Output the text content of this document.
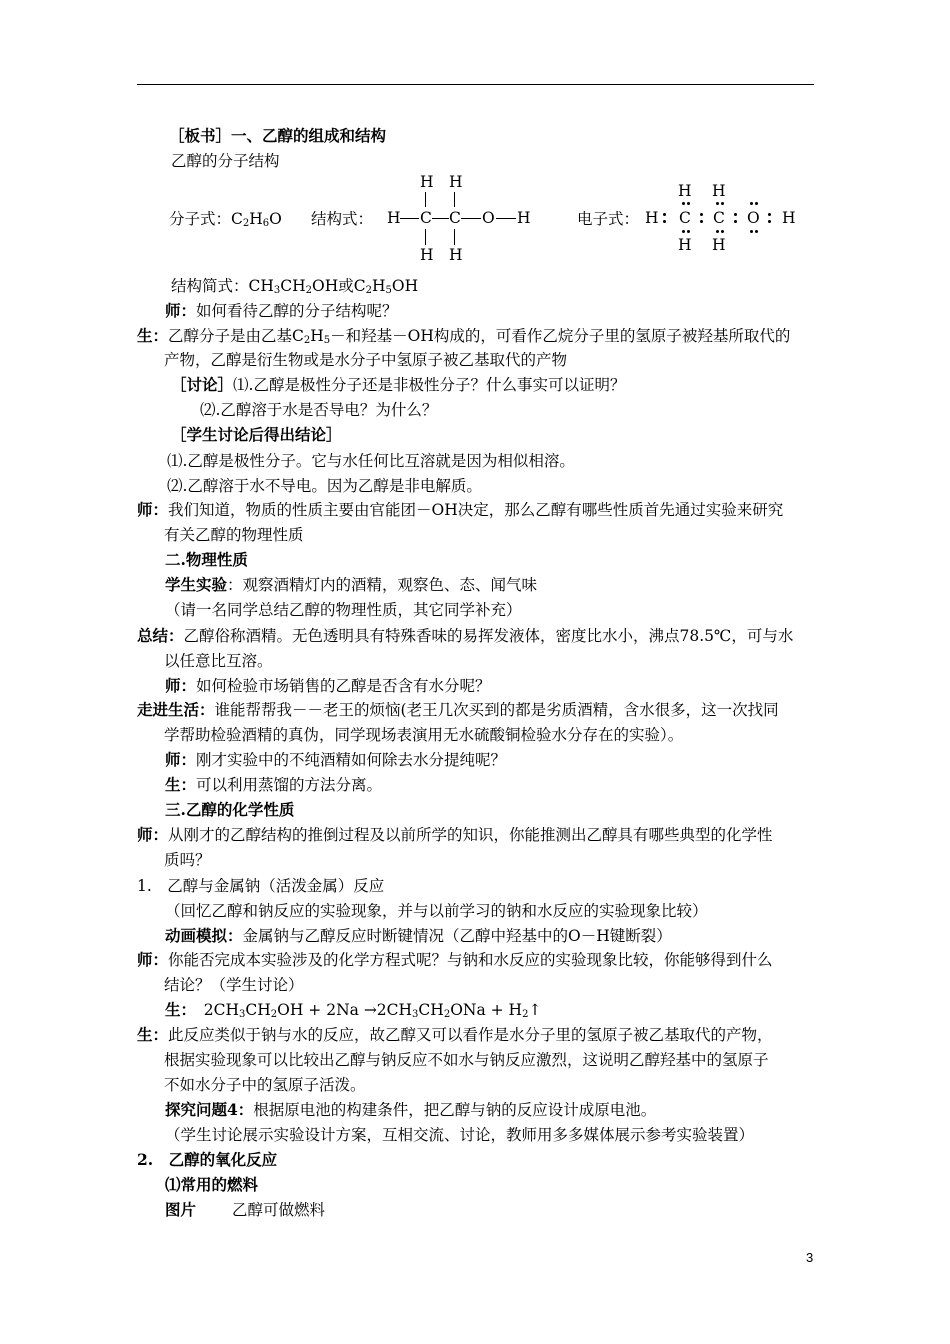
［板书］一、乙醇的组成和结构
乙醇的分子结构
结构简式：$CH_3CH_2OH$或$C_2H_5OH$
师：如何看待乙醇的分子结构呢？
生：乙醇分子是由乙基$C_2H_5-$和羟基－OH构成的，可看作乙烷分子里的氢原子被羟基所取代的
产物，乙醇是衍生物或是水分子中氢原子被乙基取代的产物
［讨论］⑴.乙醇是极性分子还是非极性分子？什么事实可以证明？
⑵.乙醇溶于水是否导电？为什么？
［学生讨论后得出结论］
⑴.乙醇是极性分子。它与水任何比互溶就是因为相似相溶。
⑵.乙醇溶于水不导电。因为乙醇是非电解质。
师：我们知道，物质的性质主要由官能团－OH决定，那么乙醇有哪些性质首先通过实验来研究
有关乙醇的物理性质
二.物理性质
学生实验：观察酒精灯内的酒精，观察色、态、闻气味
（请一名同学总结乙醇的物理性质，其它同学补充）
总结：乙醇俗称酒精。无色透明具有特殊香味的易挥发液体，密度比水小，沸点78.5℃，可与水
以任意比互溶。
师：如何检验市场销售的乙醇是否含有水分呢？
走进生活：谁能帮帮我－－老王的烦恼(老王几次买到的都是劣质酒精，含水很多，这一次找同
学帮助检验酒精的真伪，同学现场表演用无水硫酸铜检验水分存在的实验）。
师：刚才实验中的不纯酒精如何除去水分提纯呢？
生：可以利用蒸馏的方法分离。
三.乙醇的化学性质
师：从刚才的乙醇结构的推倒过程及以前所学的知识，你能推测出乙醇具有哪些典型的化学性
质吗？
1.　乙醇与金属钠（活泼金属）反应
（回忆乙醇和钠反应的实验现象，并与以前学习的钠和水反应的实验现象比较）
动画模拟：金属钠与乙醇反应时断键情况（乙醇中羟基中的O－H键断裂）
师：你能否完成本实验涉及的化学方程式呢？与钠和水反应的实验现象比较，你能够得到什么
结论？（学生讨论）
生：　$2CH_3CH_2OH + 2Na \to 2CH_3CH_2ONa$ + $H_2↑$
生：此反应类似于钠与水的反应，故乙醇又可以看作是水分子里的氢原子被乙基取代的产物，
根据实验现象可以比较出乙醇与钠反应不如水与钠反应激烈，这说明乙醇羟基中的氢原子
不如水分子中的氢原子活泼。
探究问题4：根据原电池的构建条件，把乙醇与钠的反应设计成原电池。
（学生讨论展示实验设计方案，互相交流、讨论，教师用多多媒体展示参考实验装置）
2.　乙醇的氧化反应
⑴常用的燃料
图片　　 乙醇可做燃料
分子式：$C_2H_6O$ 结构式：
H H
H C C O H
H H
电子式：
H H
H C C O H
H H
3
